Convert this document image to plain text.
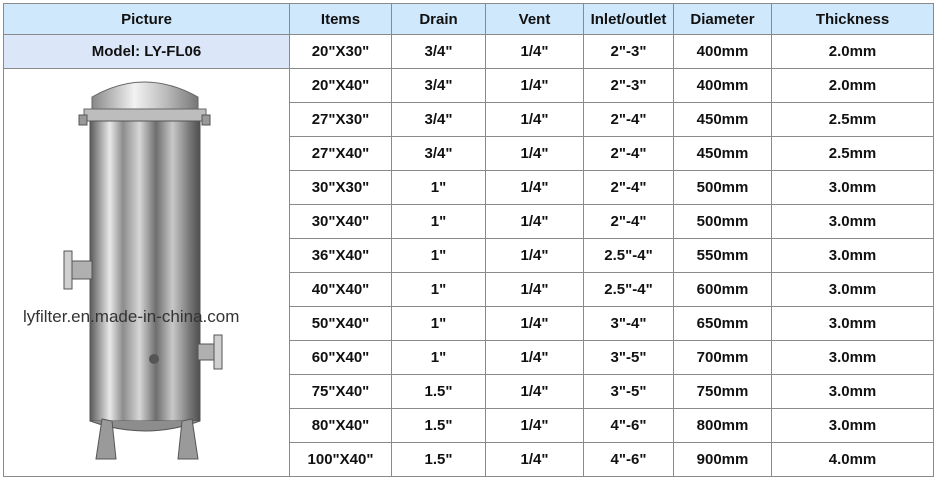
Picture	Items	Drain	Vent	Inlet/outlet	Diameter	Thickness
Model: LY-FL06	20"X30"	3/4"	1/4"	2"-3"	400mm	2.0mm

lyfilter.en.made-in-china.com	20"X40"	3/4"	1/4"	2"-3"	400mm	2.0mm
	27"X30"	3/4"	1/4"	2"-4"	450mm	2.5mm
	27"X40"	3/4"	1/4"	2"-4"	450mm	2.5mm
	30"X30"	1"	1/4"	2"-4"	500mm	3.0mm
	30"X40"	1"	1/4"	2"-4"	500mm	3.0mm
	36"X40"	1"	1/4"	2.5"-4"	550mm	3.0mm
	40"X40"	1"	1/4"	2.5"-4"	600mm	3.0mm
	50"X40"	1"	1/4"	3"-4"	650mm	3.0mm
	60"X40"	1"	1/4"	3"-5"	700mm	3.0mm
	75"X40"	1.5"	1/4"	3"-5"	750mm	3.0mm
	80"X40"	1.5"	1/4"	4"-6"	800mm	3.0mm
	100"X40"	1.5"	1/4"	4"-6"	900mm	4.0mm
